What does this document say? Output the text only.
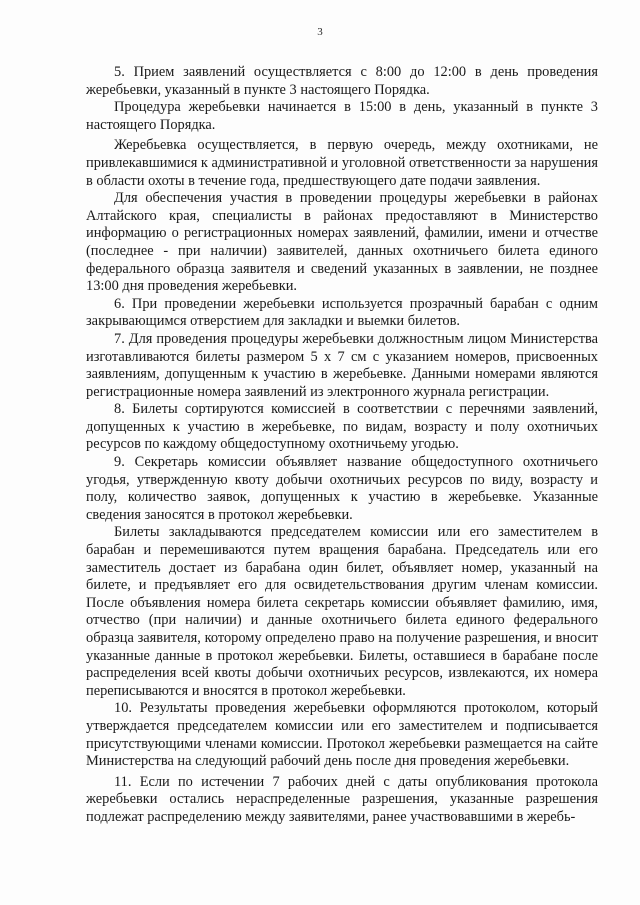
3

5. Прием заявлений осуществляется с 8:00 до 12:00 в день проведения жеребьевки, указанный в пункте 3 настоящего Порядка.

Процедура жеребьевки начинается в 15:00 в день, указанный в пункте 3 настоящего Порядка.

Жеребьевка осуществляется, в первую очередь, между охотниками, не привлекавшимися к административной и уголовной ответственности за нарушения в области охоты в течение года, предшествующего дате подачи заявления.

Для обеспечения участия в проведении процедуры жеребьевки в районах Алтайского края, специалисты в районах предоставляют в Министерство информацию о регистрационных номерах заявлений, фамилии, имени и отчестве (последнее - при наличии) заявителей, данных охотничьего билета единого федерального образца заявителя и сведений указанных в заявлении, не позднее 13:00 дня проведения жеребьевки.

6. При проведении жеребьевки используется прозрачный барабан с одним закрывающимся отверстием для закладки и выемки билетов.

7. Для проведения процедуры жеребьевки должностным лицом Министерства изготавливаются билеты размером 5 х 7 см с указанием номеров, присвоенных заявлениям, допущенным к участию в жеребьевке. Данными номерами являются регистрационные номера заявлений из электронного журнала регистрации.

8. Билеты сортируются комиссией в соответствии с перечнями заявлений, допущенных к участию в жеребьевке, по видам, возрасту и полу охотничьих ресурсов по каждому общедоступному охотничьему угодью.

9. Секретарь комиссии объявляет название общедоступного охотничьего угодья, утвержденную квоту добычи охотничьих ресурсов по виду, возрасту и полу, количество заявок, допущенных к участию в жеребьевке. Указанные сведения заносятся в протокол жеребьевки.

Билеты закладываются председателем комиссии или его заместителем в барабан и перемешиваются путем вращения барабана. Председатель или его заместитель достает из барабана один билет, объявляет номер, указанный на билете, и предъявляет его для освидетельствования другим членам комиссии. После объявления номера билета секретарь комиссии объявляет фамилию, имя, отчество (при наличии) и данные охотничьего билета единого федерального образца заявителя, которому определено право на получение разрешения, и вносит указанные данные в протокол жеребьевки. Билеты, оставшиеся в барабане после распределения всей квоты добычи охотничьих ресурсов, извлекаются, их номера переписываются и вносятся в протокол жеребьевки.

10. Результаты проведения жеребьевки оформляются протоколом, который утверждается председателем комиссии или его заместителем и подписывается присутствующими членами комиссии. Протокол жеребьевки размещается на сайте Министерства на следующий рабочий день после дня проведения жеребьевки.

11. Если по истечении 7 рабочих дней с даты опубликования протокола жеребьевки остались нераспределенные разрешения, указанные разрешения подлежат распределению между заявителями, ранее участвовавшими в жеребь-
